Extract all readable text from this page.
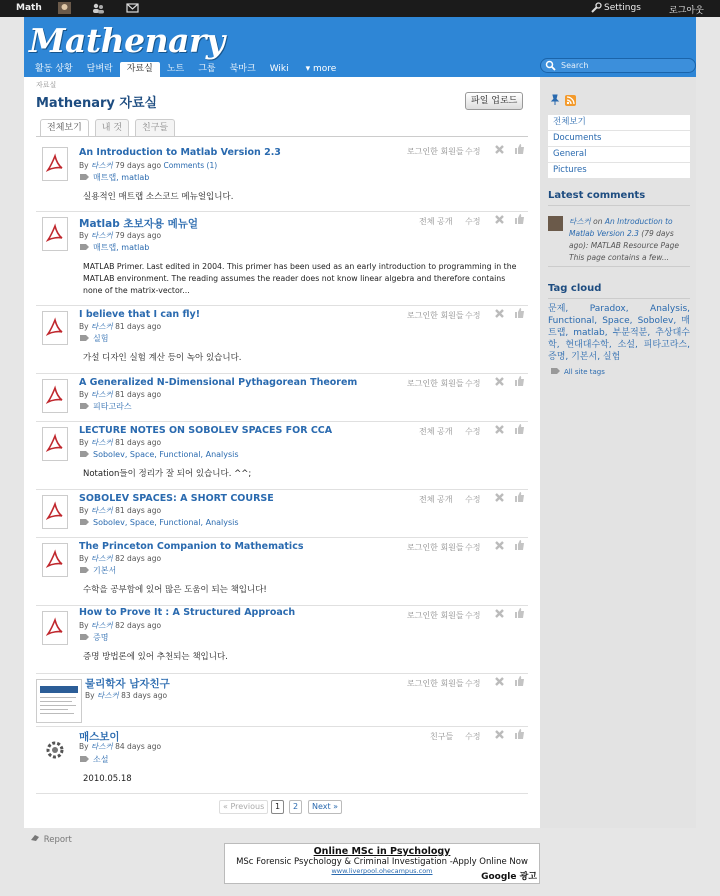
Math	Settings	로그아웃
Mathenary
활동 상황	담벼락	자료실	노트	그룹	북마크	Wiki	▾ more	Search
자료실
Mathenary 자료실	파일 업로드
전체보기	내 것	친구들
An Introduction to Matlab Version 2.3
By 타스커 79 days ago Comments (1)
매트랩, matlab
실용적인 매트랩 소스코드 메뉴얼입니다.
로그인한 회원들 수정
Matlab 초보자용 메뉴얼
By 타스커 79 days ago
매트랩, matlab
MATLAB Primer. Last edited in 2004. This primer has been used as an early introduction to programming in the MATLAB environment. The reading assumes the reader does not know linear algebra and therefore contains none of the matrix-vector...
전체 공개 수정
I believe that I can fly!
By 타스커 81 days ago
실험
가설 디자인 실험 계산 등이 녹아 있습니다.
로그인한 회원들 수정
A Generalized N-Dimensional Pythagorean Theorem
By 타스커 81 days ago
피타고라스
로그인한 회원들 수정
LECTURE NOTES ON SOBOLEV SPACES FOR CCA
By 타스커 81 days ago
Sobolev, Space, Functional, Analysis
Notation들이 정리가 잘 되어 있습니다. ^^;
전체 공개 수정
SOBOLEV SPACES: A SHORT COURSE
By 타스커 81 days ago
Sobolev, Space, Functional, Analysis
전체 공개 수정
The Princeton Companion to Mathematics
By 타스커 82 days ago
기본서
수학을 공부함에 있어 많은 도움이 되는 책입니다!
로그인한 회원들 수정
How to Prove It : A Structured Approach
By 타스커 82 days ago
증명
증명 방법론에 있어 추천되는 책입니다.
로그인한 회원들 수정
물리학자 남자친구
By 타스커 83 days ago
로그인한 회원들 수정
매스보이
By 타스커 84 days ago
소설
2010.05.18
친구들 수정
« Previous	1	2	Next »

전체보기
Documents
General
Pictures
Latest comments
타스커 on An Introduction to Matlab Version 2.3 (79 days ago): MATLAB Resource Page This page contains a few...
Tag cloud
문제, Paradox, Analysis, Functional, Space, Sobolev, 매트랩, matlab, 부분적분, 추상대수학, 현대대수학, 소설, 피타고라스, 증명, 기본서, 실험
All site tags
Report
Online MSc in Psychology
MSc Forensic Psychology & Criminal Investigation -Apply Online Now
www.liverpool.ohecampus.com
Google 광고
